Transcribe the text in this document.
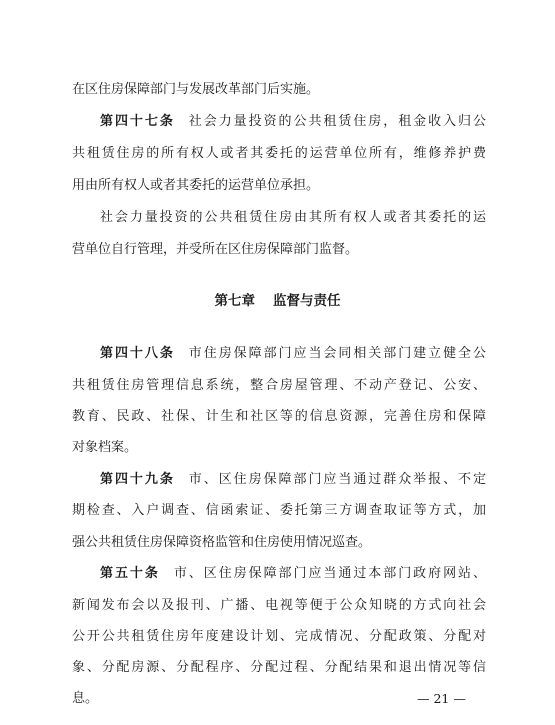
在区住房保障部门与发展改革部门后实施。
第四十七条 社会力量投资的公共租赁住房，租金收入归公
共租赁住房的所有权人或者其委托的运营单位所有，维修养护费
用由所有权人或者其委托的运营单位承担。
社会力量投资的公共租赁住房由其所有权人或者其委托的运
营单位自行管理，并受所在区住房保障部门监督。
第七章 监督与责任
第四十八条 市住房保障部门应当会同相关部门建立健全公
共租赁住房管理信息系统，整合房屋管理、不动产登记、公安、
教育、民政、社保、计生和社区等的信息资源，完善住房和保障
对象档案。
第四十九条 市、区住房保障部门应当通过群众举报、不定
期检查、入户调查、信函索证、委托第三方调查取证等方式，加
强公共租赁住房保障资格监管和住房使用情况巡查。
第五十条 市、区住房保障部门应当通过本部门政府网站、
新闻发布会以及报刊、广播、电视等便于公众知晓的方式向社会
公开公共租赁住房年度建设计划、完成情况、分配政策、分配对
象、分配房源、分配程序、分配过程、分配结果和退出情况等信
息。	— 21 —
